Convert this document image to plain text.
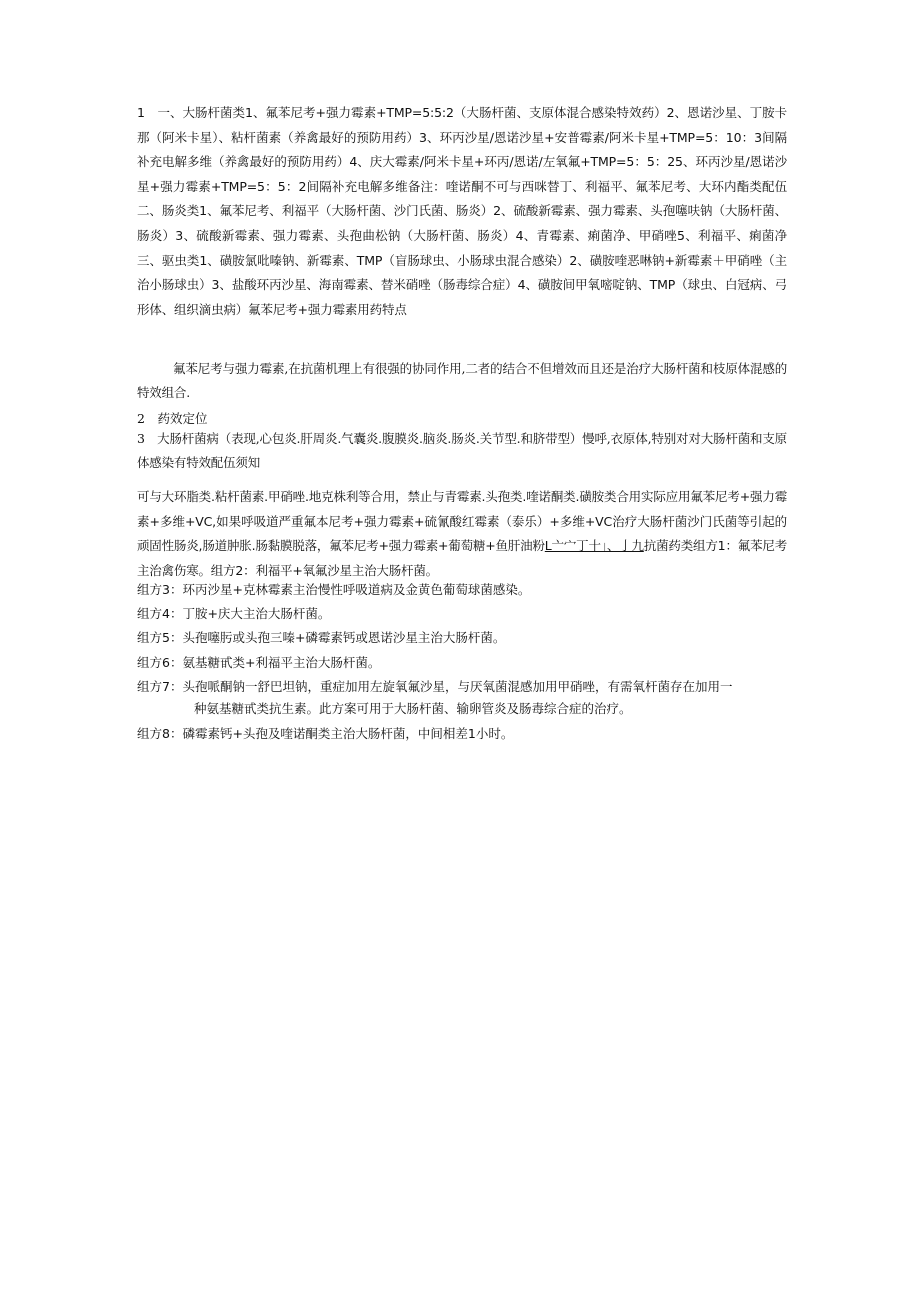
1　一、大肠杆菌类1、氟苯尼考+强力霉素+TMP=5:5:2（大肠杆菌、支原体混合感染特效药）2、恩诺沙星、丁胺卡那（阿米卡星）、粘杆菌素（养禽最好的预防用药）3、环丙沙星/恩诺沙星+安普霉素/阿米卡星+TMP=5：10：3间隔补充电解多维（养禽最好的预防用药）4、庆大霉素/阿米卡星+环丙/恩诺/左氧氟+TMP=5：5：25、环丙沙星/恩诺沙星+强力霉素+TMP=5：5：2间隔补充电解多维备注：喹诺酮不可与西咪替丁、利福平、氟苯尼考、大环内酯类配伍二、肠炎类1、氟苯尼考、利福平（大肠杆菌、沙门氏菌、肠炎）2、硫酸新霉素、强力霉素、头孢噻呋钠（大肠杆菌、肠炎）3、硫酸新霉素、强力霉素、头孢曲松钠（大肠杆菌、肠炎）4、青霉素、痢菌净、甲硝唑5、利福平、痢菌净三、驱虫类1、磺胺氯吡嗪钠、新霉素、TMP（盲肠球虫、小肠球虫混合感染）2、磺胺喹恶啉钠+新霉素＋甲硝唑（主治小肠球虫）3、盐酸环丙沙星、海南霉素、替米硝唑（肠毒综合症）4、磺胺间甲氧嘧啶钠、TMP（球虫、白冠病、弓形体、组织滴虫病）氟苯尼考+强力霉素用药特点
氟苯尼考与强力霉素,在抗菌机理上有很强的协同作用,二者的结合不但增效而且还是治疗大肠杆菌和枝原体混感的特效组合.
2　药效定位
3　大肠杆菌病（表现,心包炎.肝周炎.气囊炎.腹膜炎.脑炎.肠炎.关节型.和脐带型）慢呼,衣原体,特别对对大肠杆菌和支原体感染有特效配伍须知
可与大环脂类.粘杆菌素.甲硝唑.地克株利等合用，禁止与青霉素.头孢类.喹诺酮类.磺胺类合用实际应用氟苯尼考+强力霉素+多维+VC,如果呼吸道严重氟本尼考+强力霉素+硫氰酸红霉素（泰乐）+多维+VC治疗大肠杆菌沙门氏菌等引起的顽固性肠炎,肠道肿胀.肠黏膜脱落，氟苯尼考+强力霉素+葡萄糖+鱼肝油粉L亠宀丁十」、亅九抗菌药类组方1：氟苯尼考主治禽伤寒。组方2：利福平+氧氟沙星主治大肠杆菌。
组方3：环丙沙星+克林霉素主治慢性呼吸道病及金黄色葡萄球菌感染。
组方4：丁胺+庆大主治大肠杆菌。
组方5：头孢噻肟或头孢三嗪+磷霉素钙或恩诺沙星主治大肠杆菌。
组方6：氨基糖甙类+利福平主治大肠杆菌。
组方7：头孢哌酮钠一舒巴坦钠，重症加用左旋氧氟沙星，与厌氧菌混感加用甲硝唑，有需氧杆菌存在加用一
种氨基糖甙类抗生素。此方案可用于大肠杆菌、输卵管炎及肠毒综合症的治疗。
组方8：磷霉素钙+头孢及喹诺酮类主治大肠杆菌，中间相差1小时。
